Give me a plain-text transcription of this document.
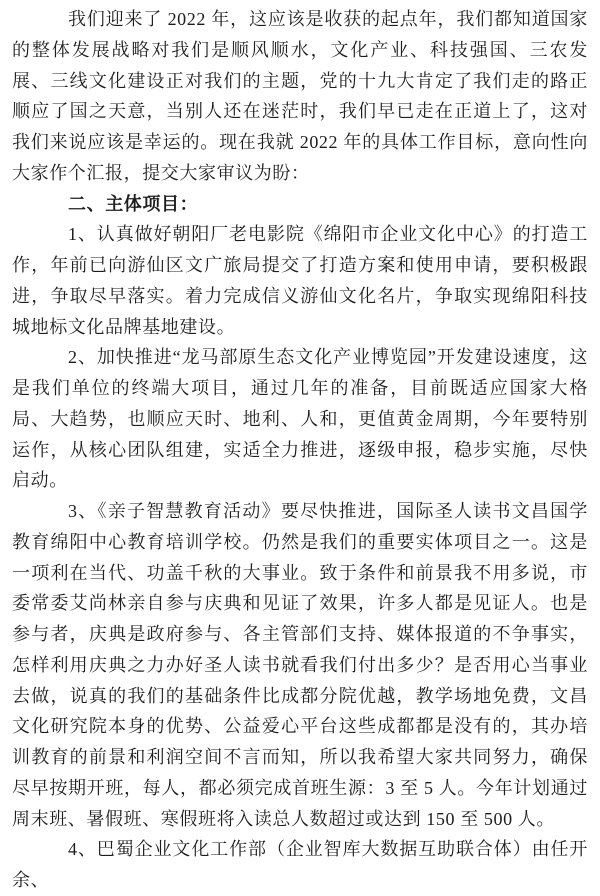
我们迎来了 2022 年，这应该是收获的起点年，我们都知道国家的整体发展战略对我们是顺风顺水，文化产业、科技强国、三农发展、三线文化建设正对我们的主题，党的十九大肯定了我们走的路正顺应了国之天意，当别人还在迷茫时，我们早已走在正道上了，这对我们来说应该是幸运的。现在我就 2022 年的具体工作目标，意向性向大家作个汇报，提交大家审议为盼：

二、主体项目：

1、认真做好朝阳厂老电影院《绵阳市企业文化中心》的打造工作，年前已向游仙区文广旅局提交了打造方案和使用申请，要积极跟进，争取尽早落实。着力完成信义游仙文化名片，争取实现绵阳科技城地标文化品牌基地建设。

2、加快推进“龙马部原生态文化产业博览园”开发建设速度，这是我们单位的终端大项目，通过几年的准备，目前既适应国家大格局、大趋势，也顺应天时、地利、人和，更值黄金周期，今年要特别运作，从核心团队组建，实适全力推进，逐级申报，稳步实施，尽快启动。

3、《亲子智慧教育活动》要尽快推进，国际圣人读书文昌国学教育绵阳中心教育培训学校。仍然是我们的重要实体项目之一。这是一项利在当代、功盖千秋的大事业。致于条件和前景我不用多说，市委常委艾尚林亲自参与庆典和见证了效果，许多人都是见证人。也是参与者，庆典是政府参与、各主管部们支持、媒体报道的不争事实，怎样利用庆典之力办好圣人读书就看我们付出多少？是否用心当事业去做，说真的我们的基础条件比成都分院优越，教学场地免费，文昌文化研究院本身的优势、公益爱心平台这些成都都是没有的，其办培训教育的前景和利润空间不言而知，所以我希望大家共同努力，确保尽早按期开班，每人，都必须完成首班生源：3 至 5 人。今年计划通过周末班、暑假班、寒假班将入读总人数超过或达到 150 至 500 人。

4、巴蜀企业文化工作部（企业智库大数据互助联合体）由任开余、
